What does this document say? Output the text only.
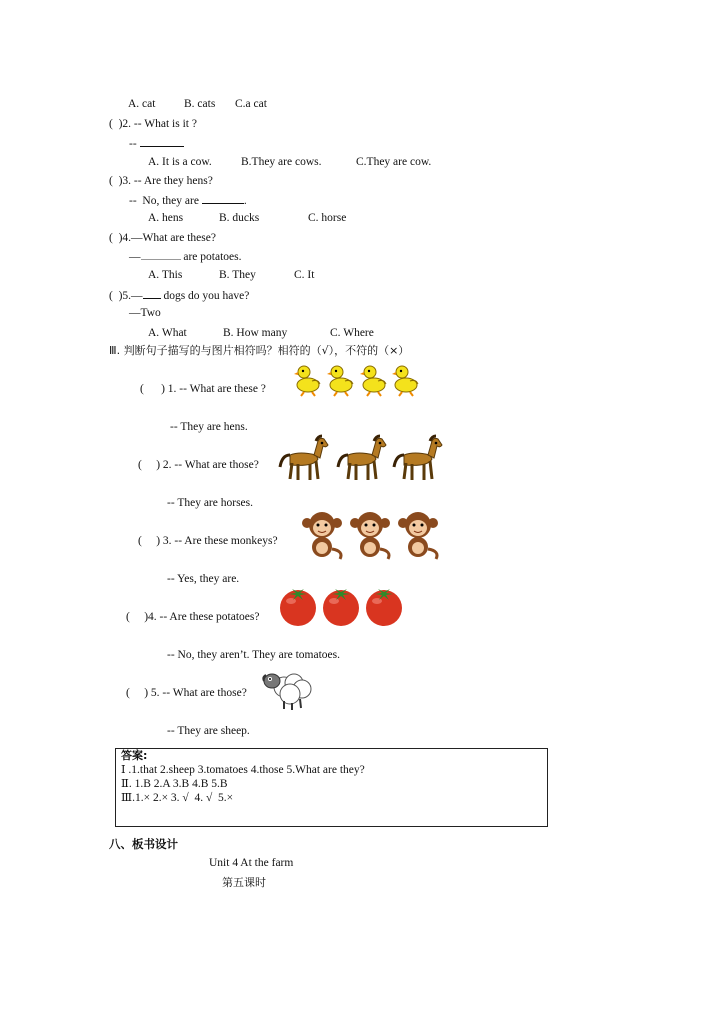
A. cat B. cats C.a cat
( )2. -- What is it ?
--
A. It is a cow.	B.They are cows.	C.They are cow.
( )3. -- Are they hens?
--  No, they are	.
A. hens	B. ducks	C. horse
( )4.—What are these?
—	are potatoes.
A. This	B. They	C. It
( )5.— dogs do you have?
—Two
A. What	B. How many	C. Where
Ⅲ. 判断句子描写的与图片相符吗？相符的（√），不符的（×）
(      ) 1. -- What are these ?
-- They are hens.
(     ) 2. -- What are those?
-- They are horses.
(     ) 3. -- Are these monkeys?
-- Yes, they are.
(     )4. -- Are these potatoes?
-- No, they aren’t. They are tomatoes.
(     ) 5. -- What are those?
-- They are sheep.
答案:
Ⅰ .1.that 2.sheep 3.tomatoes 4.those 5.What are they?
Ⅱ. 1.B 2.A 3.B 4.B 5.B
Ⅲ.1.× 2.× 3. √  4. √  5.×
八、板书设计
Unit 4 At the farm
第五课时
